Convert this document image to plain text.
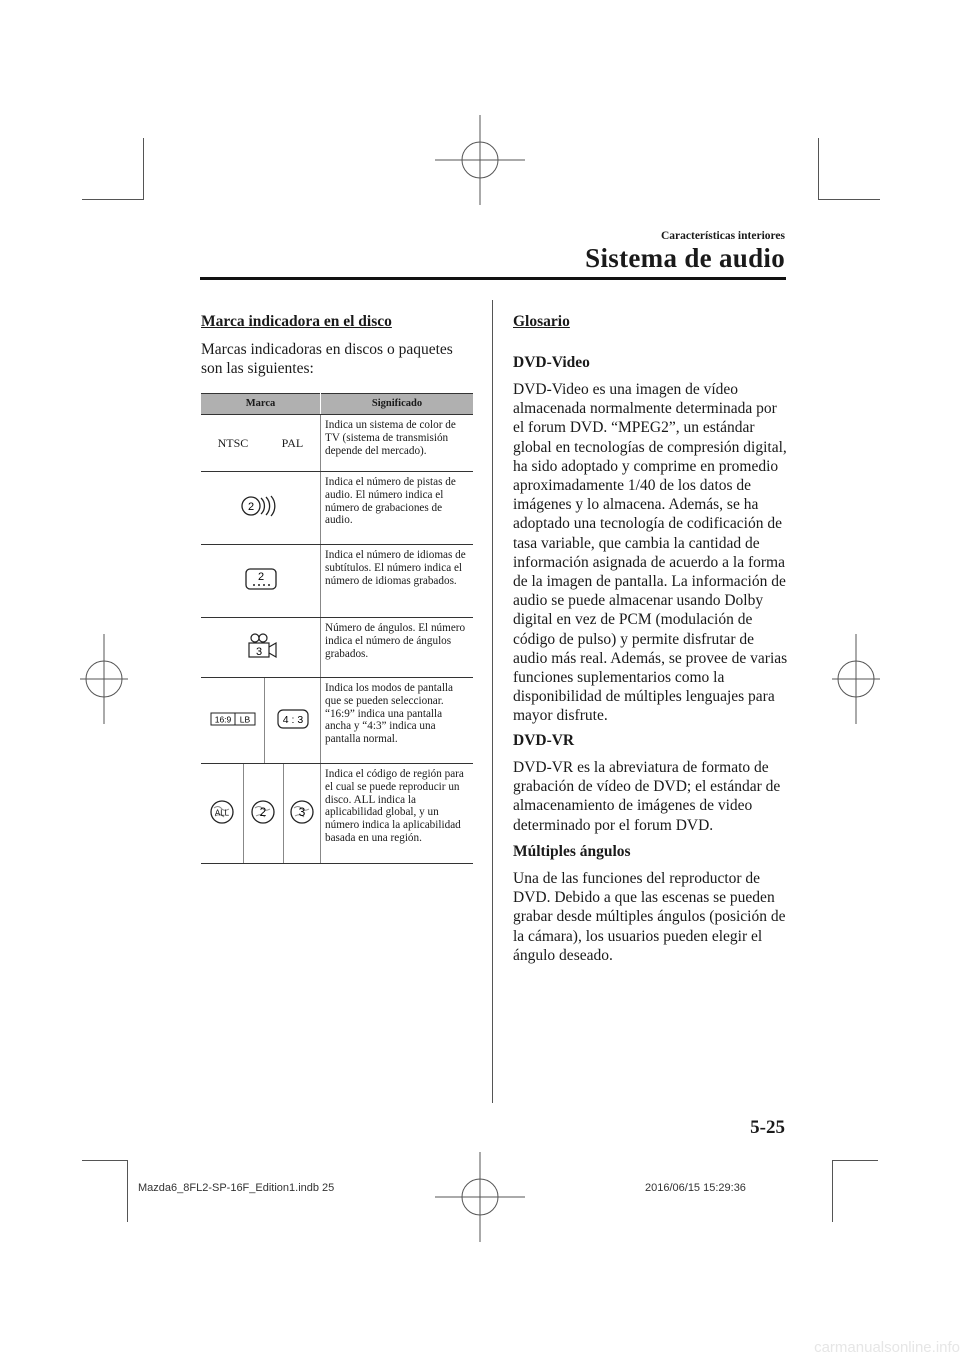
Sistema de audio
Características interiores
Marca indicadora en el disco
Marcas indicadoras en discos o paquetes son las siguientes:
Marca				Significado
NTSC		PAL		Indica un sistema de color de TV (sistema de transmisión depende del mercado).

2				Indica el número de pistas de audio. El número indica el número de grabaciones de audio.

2				Indica el número de idiomas de subtítulos. El número indica el número de idiomas grabados.

3				Número de ángulos. El número indica el número de ángulos grabados.

16:9 LB		4 : 3		Indica los modos de pantalla que se pueden seleccionar. “16:9” indica una pantalla ancha y “4:3” indica una pantalla normal.

ALL	2		3	Indica el código de región para el cual se puede reproducir un disco. ALL indica la aplicabilidad global, y un número indica la aplicabilidad basada en una región.
Glosario
DVD-Video
DVD-Video es una imagen de vídeo almacenada normalmente determinada por el forum DVD. “MPEG2”, un estándar global en tecnologías de compresión digital, ha sido adoptado y comprime en promedio aproximadamente 1/40 de los datos de imágenes y lo almacena. Además, se ha adoptado una tecnología de codificación de tasa variable, que cambia la cantidad de información asignada de acuerdo a la forma de la imagen de pantalla. La información de audio se puede almacenar usando Dolby digital en vez de PCM (modulación de código de pulso) y permite disfrutar de audio más real. Además, se provee de varias funciones suplementarios como la disponibilidad de múltiples lenguajes para mayor disfrute.
DVD-VR
DVD-VR es la abreviatura de formato de grabación de vídeo de DVD; el estándar de almacenamiento de imágenes de video determinado por el forum DVD.
Múltiples ángulos
Una de las funciones del reproductor de DVD. Debido a que las escenas se pueden grabar desde múltiples ángulos (posición de la cámara), los usuarios pueden elegir el ángulo deseado.
5-25
Mazda6_8FL2-SP-16F_Edition1.indb 25	2016/06/15 15:29:36
carmanualsonline.info
